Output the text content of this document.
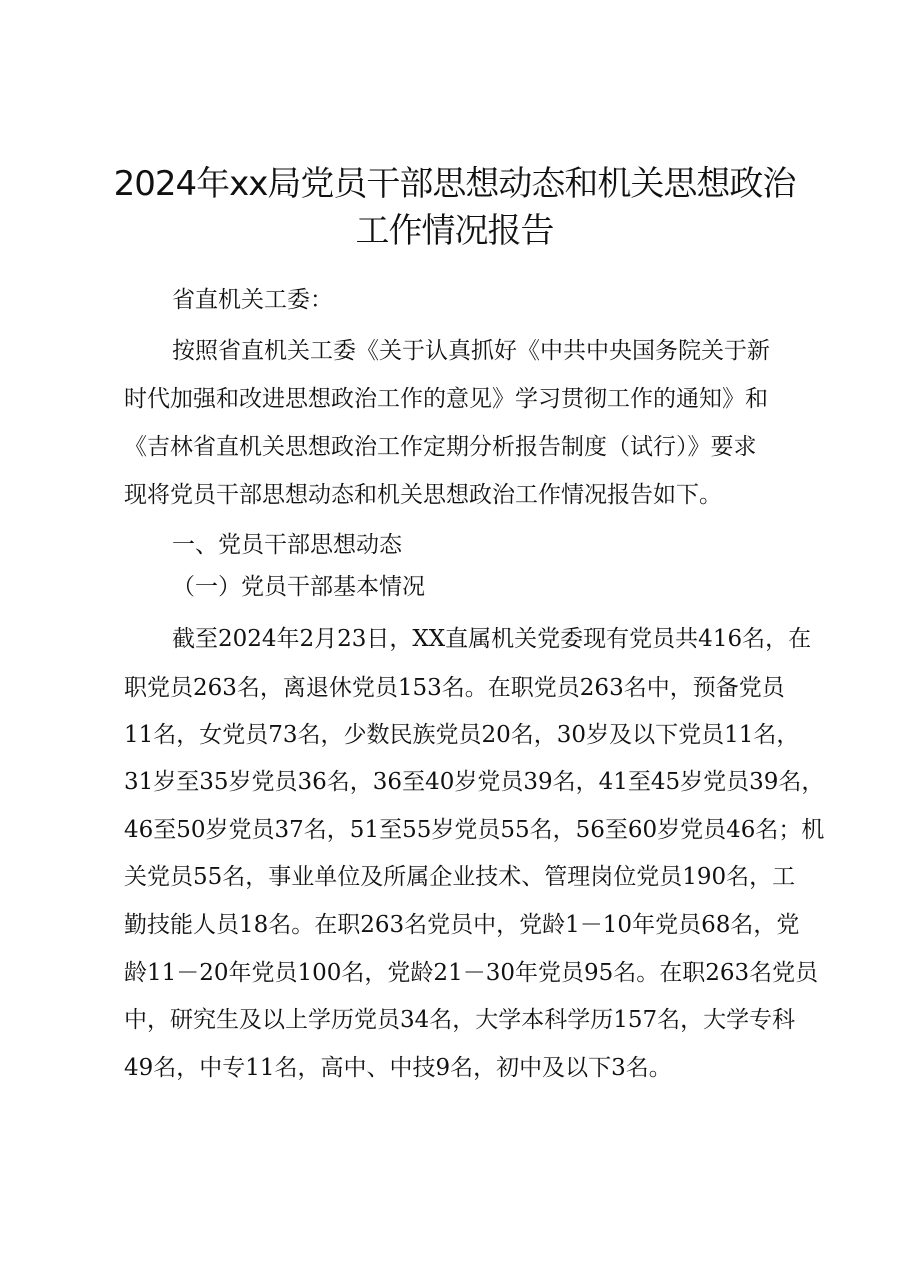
2024年xx局党员干部思想动态和机关思想政治
工作情况报告
省直机关工委：
按照省直机关工委《关于认真抓好《中共中央国务院关于新
时代加强和改进思想政治工作的意见》学习贯彻工作的通知》和
《吉林省直机关思想政治工作定期分析报告制度（试行）》要求
现将党员干部思想动态和机关思想政治工作情况报告如下。
一、党员干部思想动态
（一）党员干部基本情况
截至2024年2月23日，XX直属机关党委现有党员共416名，在
职党员263名，离退休党员153名。在职党员263名中，预备党员
11名，女党员73名，少数民族党员20名，30岁及以下党员11名，
31岁至35岁党员36名，36至40岁党员39名，41至45岁党员39名，
46至50岁党员37名，51至55岁党员55名，56至60岁党员46名；机
关党员55名，事业单位及所属企业技术、管理岗位党员190名，工
勤技能人员18名。在职263名党员中，党龄1－10年党员68名，党
龄11－20年党员100名，党龄21－30年党员95名。在职263名党员
中，研究生及以上学历党员34名，大学本科学历157名，大学专科
49名，中专11名，高中、中技9名，初中及以下3名。
